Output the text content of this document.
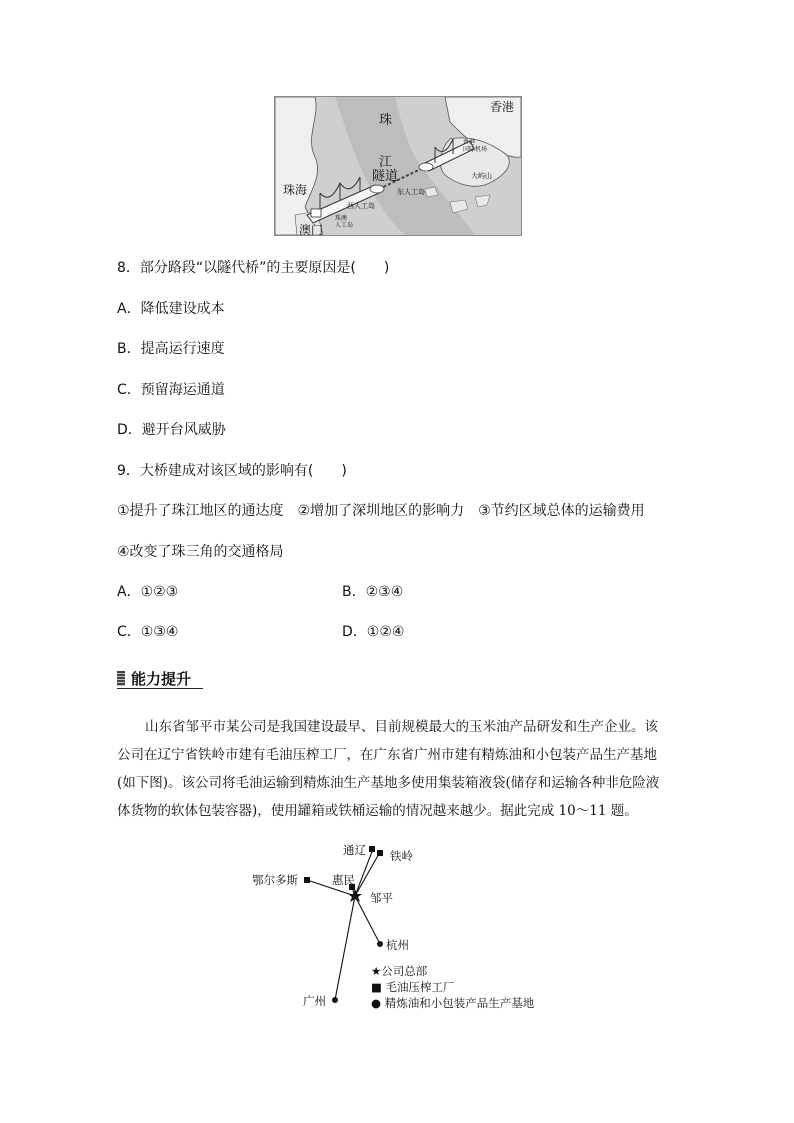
香港
珠
江
隧道
珠海
澳门
香港
国际机场
东人工岛
西人工岛
大屿山
珠澳
人工岛
8．部分路段“以隧代桥”的主要原因是(　　)
A．降低建设成本
B．提高运行速度
C．预留海运通道
D．避开台风威胁
9．大桥建成对该区域的影响有(　　)
①提升了珠江地区的通达度　②增加了深圳地区的影响力　③节约区域总体的运输费用
④改变了珠三角的交通格局
A．①②③	B．②③④
C．①③④	D．①②④
能力提升
山东省邹平市某公司是我国建设最早、目前规模最大的玉米油产品研发和生产企业。该
公司在辽宁省铁岭市建有毛油压榨工厂，在广东省广州市建有精炼油和小包装产品生产基地
(如下图)。该公司将毛油运输到精炼油生产基地多使用集装箱液袋(储存和运输各种非危险液
体货物的软体包装容器)，使用罐箱或铁桶运输的情况越来越少。据此完成 10～11 题。
通辽 铁岭
鄂尔多斯	惠民
邹平
杭州
广州
★公司总部
■ 毛油压榨工厂
● 精炼油和小包装产品生产基地
